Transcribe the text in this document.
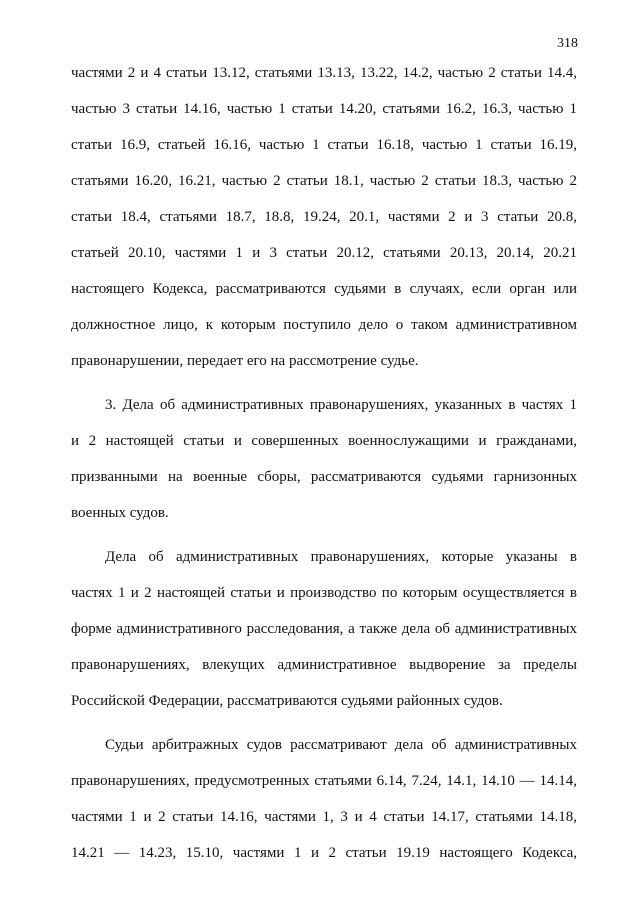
318
частями 2 и 4 статьи 13.12, статьями 13.13, 13.22, 14.2, частью 2 статьи 14.4,
частью 3 статьи 14.16, частью 1 статьи 14.20, статьями 16.2, 16.3, частью 1
статьи 16.9, статьей 16.16, частью 1 статьи 16.18, частью 1 статьи 16.19,
статьями 16.20, 16.21, частью 2 статьи 18.1, частью 2 статьи 18.3, частью 2
статьи 18.4, статьями 18.7, 18.8, 19.24, 20.1, частями 2 и 3 статьи 20.8,
статьей 20.10, частями 1 и 3 статьи 20.12, статьями 20.13, 20.14, 20.21
настоящего Кодекса, рассматриваются судьями в случаях, если орган или
должностное лицо, к которым поступило дело о таком административном
правонарушении, передает его на рассмотрение судье.
3. Дела об административных правонарушениях, указанных в частях 1
и 2 настоящей статьи и совершенных военнослужащими и гражданами,
призванными на военные сборы, рассматриваются судьями гарнизонных
военных судов.
Дела об административных правонарушениях, которые указаны в
частях 1 и 2 настоящей статьи и производство по которым осуществляется в
форме административного расследования, а также дела об административных
правонарушениях, влекущих административное выдворение за пределы
Российской Федерации, рассматриваются судьями районных судов.
Судьи арбитражных судов рассматривают дела об административных
правонарушениях, предусмотренных статьями 6.14, 7.24, 14.1, 14.10 — 14.14,
частями 1 и 2 статьи 14.16, частями 1, 3 и 4 статьи 14.17, статьями 14.18,
14.21 — 14.23, 15.10, частями 1 и 2 статьи 19.19 настоящего Кодекса,
